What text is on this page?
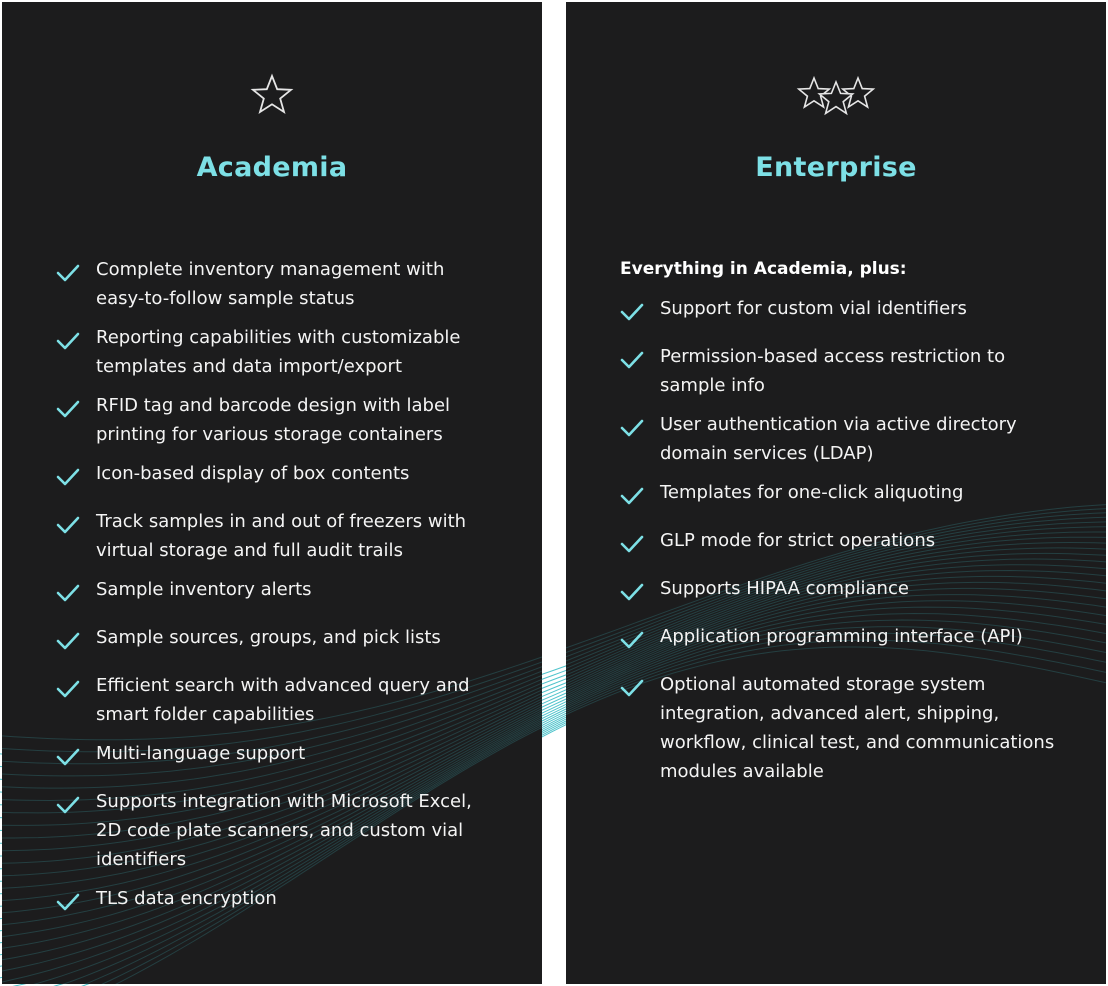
Academia
Complete inventory management with easy-to-follow sample status
Reporting capabilities with customizable templates and data import/export
RFID tag and barcode design with label printing for various storage containers
Icon-based display of box contents
Track samples in and out of freezers with virtual storage and full audit trails
Sample inventory alerts
Sample sources, groups, and pick lists
Efficient search with advanced query and smart folder capabilities
Multi-language support
Supports integration with Microsoft Excel, 2D code plate scanners, and custom vial identifiers
TLS data encryption
Enterprise

Everything in Academia, plus:

Support for custom vial identifiers
Permission-based access restriction to sample info
User authentication via active directory domain services (LDAP)
Templates for one-click aliquoting
GLP mode for strict operations
Supports HIPAA compliance
Application programming interface (API)
Optional automated storage system integration, advanced alert, shipping, workflow, clinical test, and communications modules available
